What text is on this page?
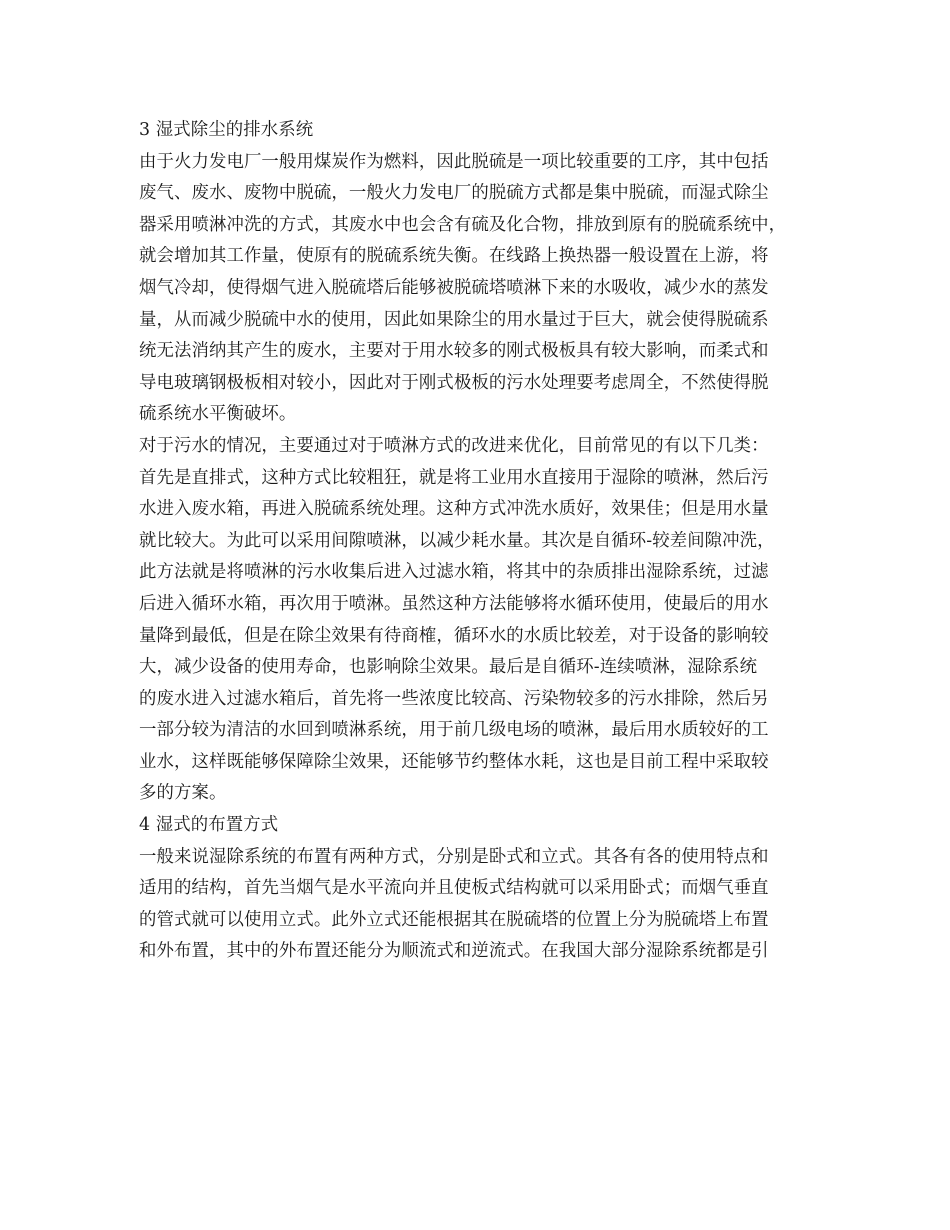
3 湿式除尘的排水系统
由于火力发电厂一般用煤炭作为燃料，因此脱硫是一项比较重要的工序，其中包括
废气、废水、废物中脱硫，一般火力发电厂的脱硫方式都是集中脱硫，而湿式除尘
器采用喷淋冲洗的方式，其废水中也会含有硫及化合物，排放到原有的脱硫系统中，
就会增加其工作量，使原有的脱硫系统失衡。在线路上换热器一般设置在上游，将
烟气冷却，使得烟气进入脱硫塔后能够被脱硫塔喷淋下来的水吸收，减少水的蒸发
量，从而减少脱硫中水的使用，因此如果除尘的用水量过于巨大，就会使得脱硫系
统无法消纳其产生的废水，主要对于用水较多的刚式极板具有较大影响，而柔式和
导电玻璃钢极板相对较小，因此对于刚式极板的污水处理要考虑周全，不然使得脱
硫系统水平衡破坏。
对于污水的情况，主要通过对于喷淋方式的改进来优化，目前常见的有以下几类：
首先是直排式，这种方式比较粗狂，就是将工业用水直接用于湿除的喷淋，然后污
水进入废水箱，再进入脱硫系统处理。这种方式冲洗水质好，效果佳；但是用水量
就比较大。为此可以采用间隙喷淋，以减少耗水量。其次是自循环-较差间隙冲洗，
此方法就是将喷淋的污水收集后进入过滤水箱，将其中的杂质排出湿除系统，过滤
后进入循环水箱，再次用于喷淋。虽然这种方法能够将水循环使用，使最后的用水
量降到最低，但是在除尘效果有待商榷，循环水的水质比较差，对于设备的影响较
大，减少设备的使用寿命，也影响除尘效果。最后是自循环-连续喷淋，湿除系统
的废水进入过滤水箱后，首先将一些浓度比较高、污染物较多的污水排除，然后另
一部分较为清洁的水回到喷淋系统，用于前几级电场的喷淋，最后用水质较好的工
业水，这样既能够保障除尘效果，还能够节约整体水耗，这也是目前工程中采取较
多的方案。
4 湿式的布置方式
一般来说湿除系统的布置有两种方式，分别是卧式和立式。其各有各的使用特点和
适用的结构，首先当烟气是水平流向并且使板式结构就可以采用卧式；而烟气垂直
的管式就可以使用立式。此外立式还能根据其在脱硫塔的位置上分为脱硫塔上布置
和外布置，其中的外布置还能分为顺流式和逆流式。在我国大部分湿除系统都是引
